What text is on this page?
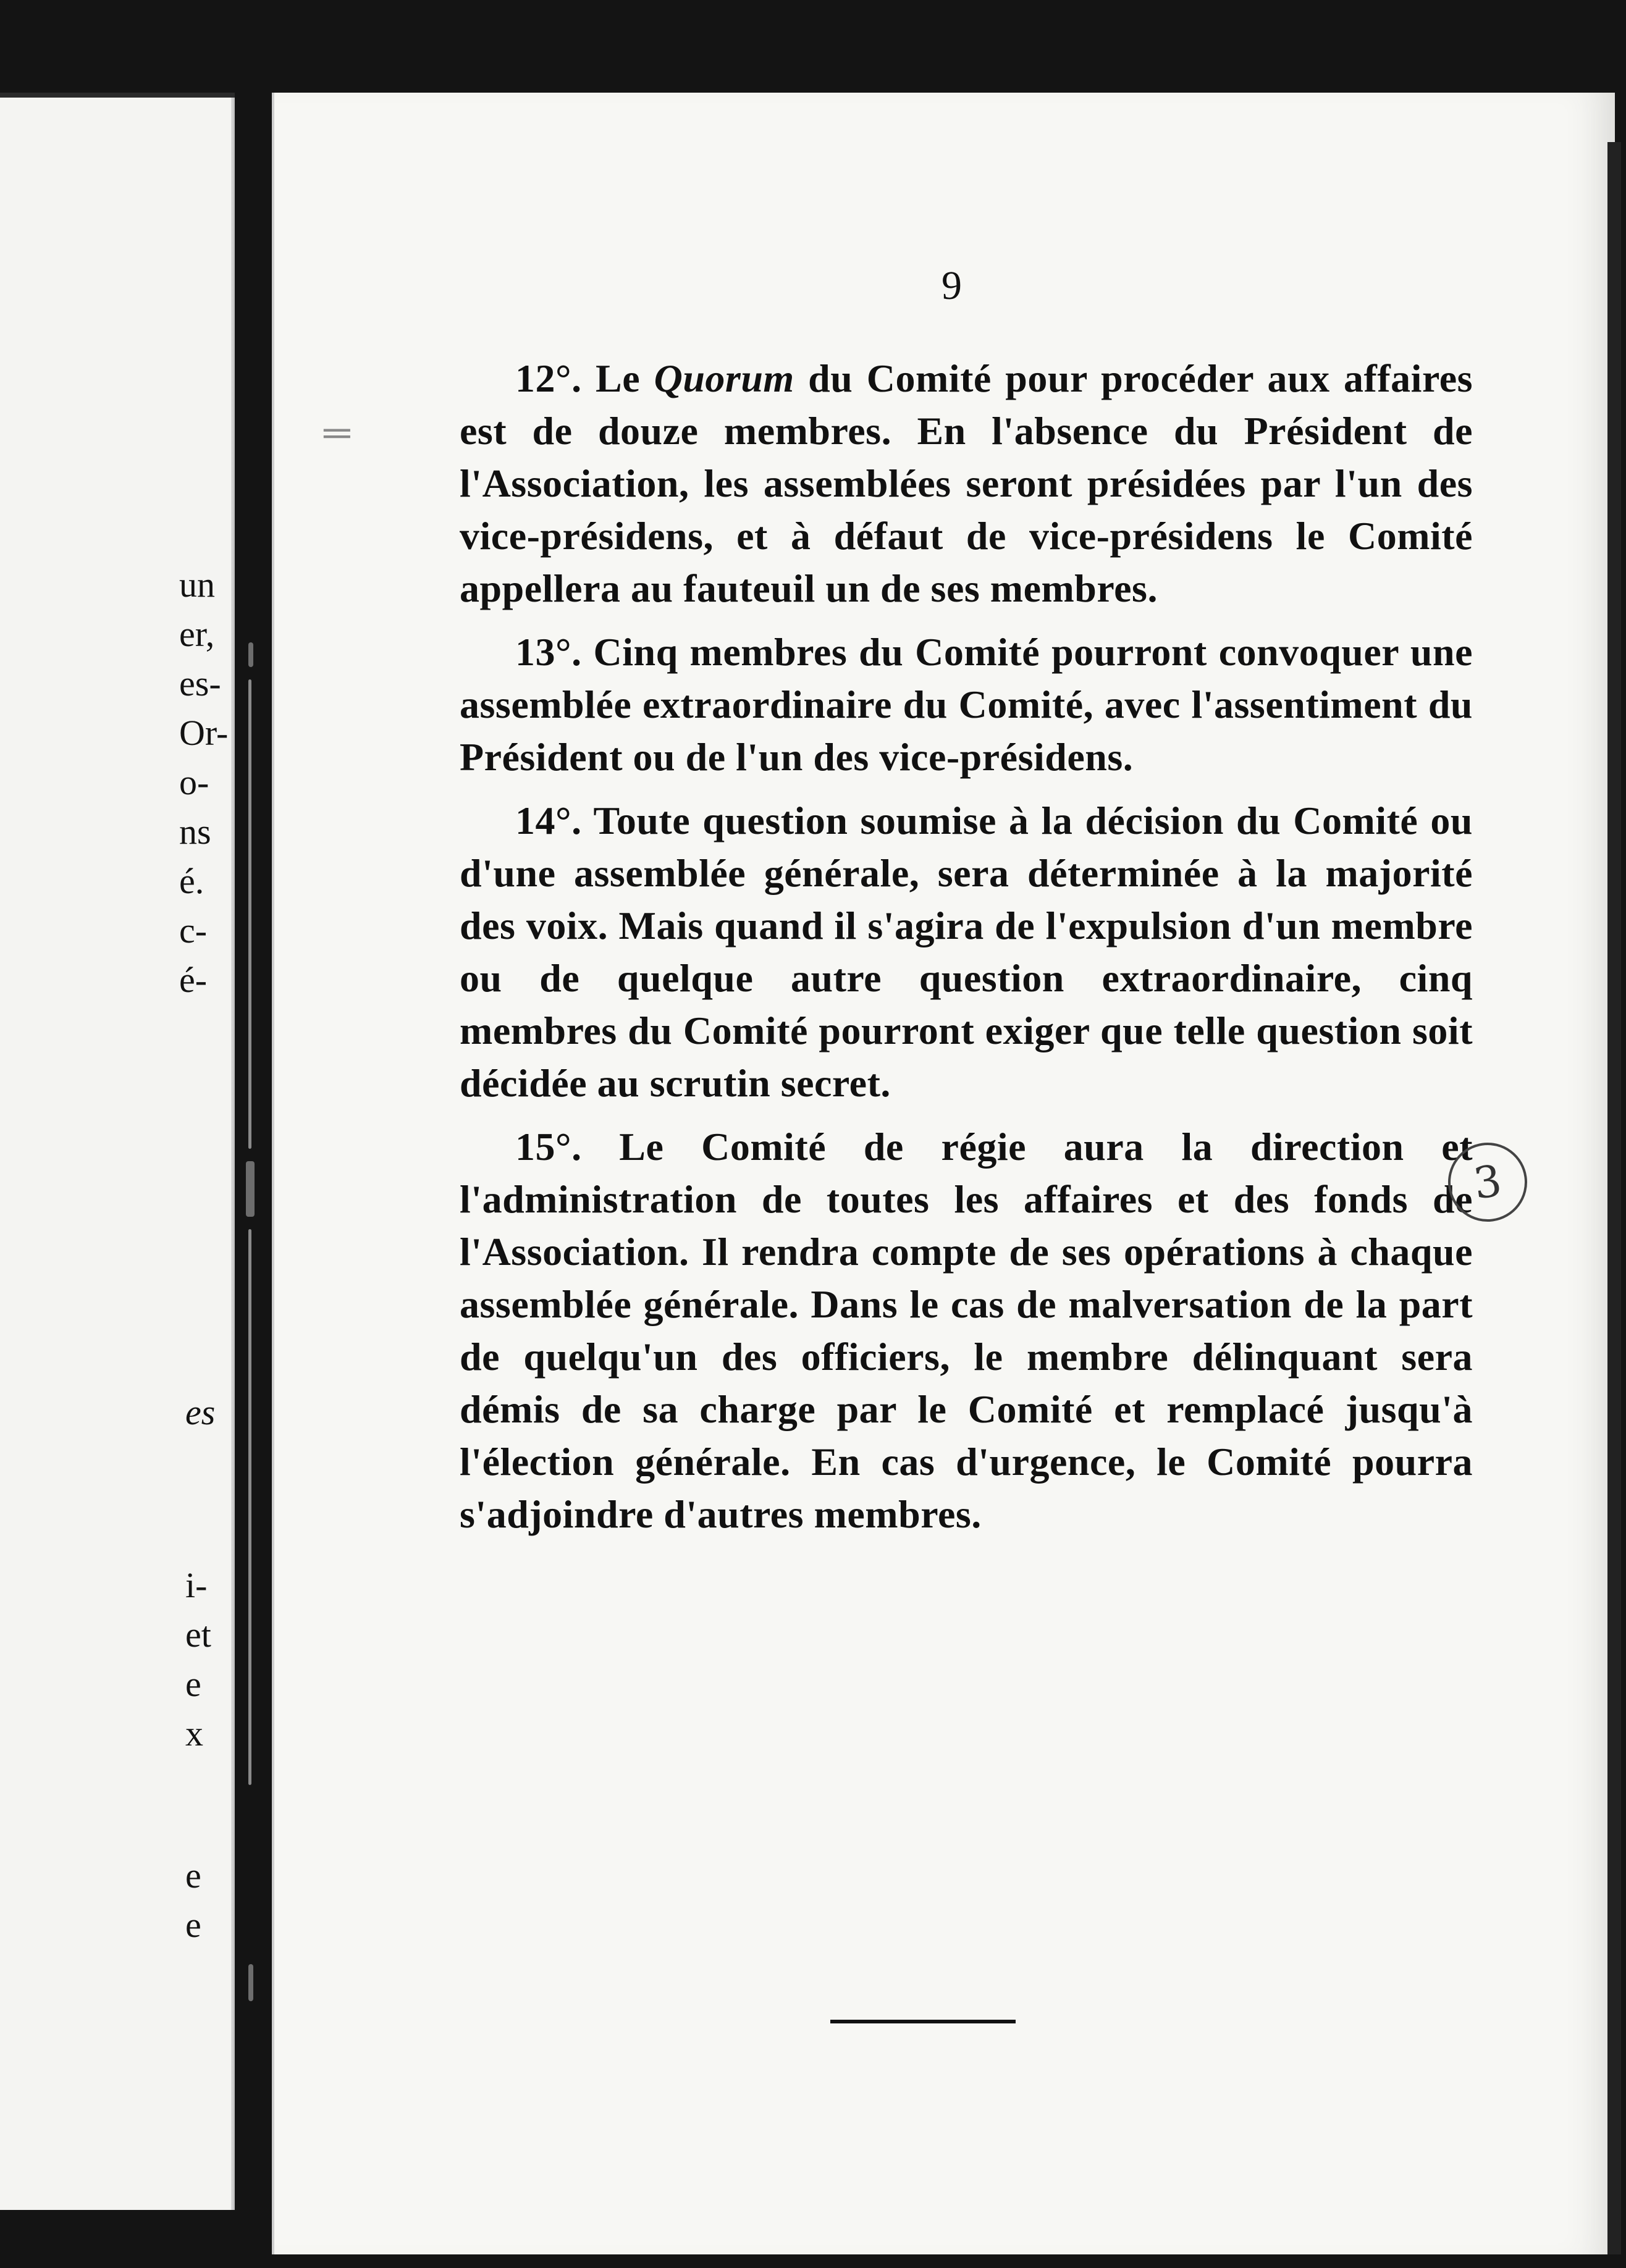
un
er,
es-
Or-
o-
ns
é.
c-
é-
es
i-
et
e
x
e
e
═
9

12°. Le Quorum du Comité pour procéder aux affaires est de douze membres. En l'absence du Président de l'Association, les assemblées seront présidées par l'un des vice-présidens, et à défaut de vice-présidens le Comité appellera au fauteuil un de ses membres.

13°. Cinq membres du Comité pourront convoquer une assemblée extraordinaire du Comité, avec l'assentiment du Président ou de l'un des vice-présidens.

14°. Toute question soumise à la décision du Comité ou d'une assemblée générale, sera déterminée à la majorité des voix. Mais quand il s'agira de l'expulsion d'un membre ou de quelque autre question extraordinaire, cinq membres du Comité pourront exiger que telle question soit décidée au scrutin secret.

15°. Le Comité de régie aura la direction et l'administration de toutes les affaires et des fonds de l'Association. Il rendra compte de ses opérations à chaque assemblée générale. Dans le cas de malversation de la part de quelqu'un des officiers, le membre délinquant sera démis de sa charge par le Comité et remplacé jusqu'à l'élection générale. En cas d'urgence, le Comité pourra s'adjoindre d'autres membres.

3
